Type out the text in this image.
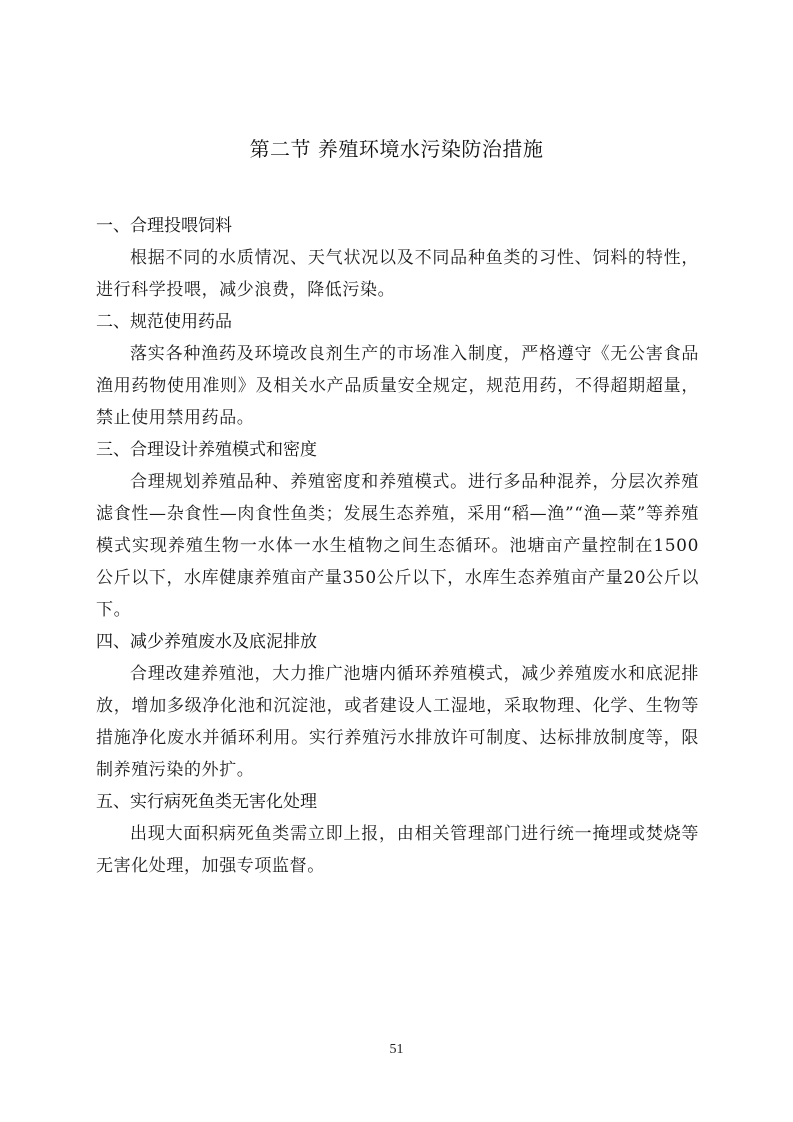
第二节 养殖环境水污染防治措施
一、合理投喂饲料

根据不同的水质情况、天气状况以及不同品种鱼类的习性、饲料的特性，进行科学投喂，减少浪费，降低污染。

二、规范使用药品

落实各种渔药及环境改良剂生产的市场准入制度，严格遵守《无公害食品渔用药物使用准则》及相关水产品质量安全规定，规范用药，不得超期超量，禁止使用禁用药品。

三、合理设计养殖模式和密度

合理规划养殖品种、养殖密度和养殖模式。进行多品种混养，分层次养殖滤食性—杂食性—肉食性鱼类；发展生态养殖，采用“稻—渔”“渔—菜”等养殖模式实现养殖生物一水体一水生植物之间生态循环。池塘亩产量控制在1500公斤以下，水库健康养殖亩产量350公斤以下，水库生态养殖亩产量20公斤以下。

四、减少养殖废水及底泥排放

合理改建养殖池，大力推广池塘内循环养殖模式，减少养殖废水和底泥排放，增加多级净化池和沉淀池，或者建设人工湿地，采取物理、化学、生物等措施净化废水并循环利用。实行养殖污水排放许可制度、达标排放制度等，限制养殖污染的外扩。

五、实行病死鱼类无害化处理

出现大面积病死鱼类需立即上报，由相关管理部门进行统一掩埋或焚烧等无害化处理，加强专项监督。

51
